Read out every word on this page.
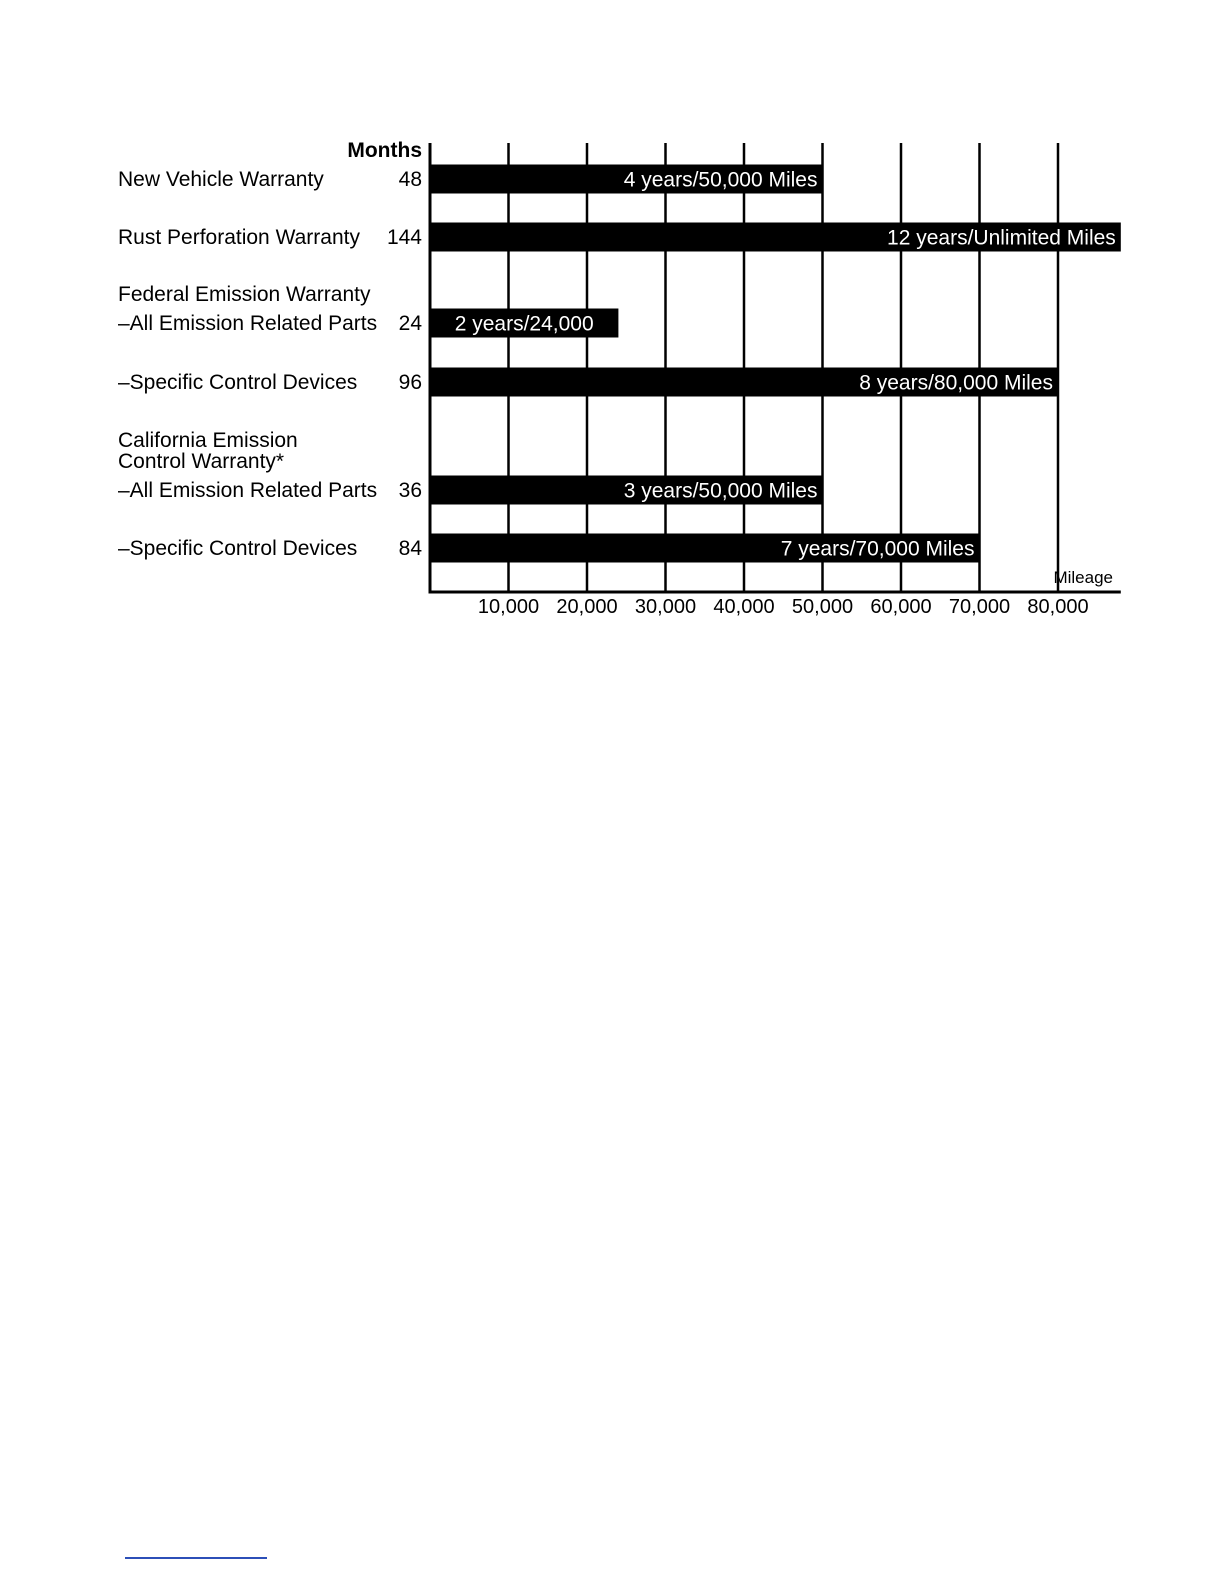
4 years/50,000 Miles
12 years/Unlimited Miles
2 years/24,000
8 years/80,000 Miles
3 years/50,000 Miles
7 years/70,000 Miles
Months
Mileage
10,000 20,000 30,000 40,000 50,000 60,000 70,000 80,000
New Vehicle Warranty	48
Rust Perforation Warranty 144
–All Emission Related Parts 24
Federal Emission Warranty
–Specific Control Devices 96
–All Emission Related Parts 36
California Emission
Control Warranty*
–Specific Control Devices 84
